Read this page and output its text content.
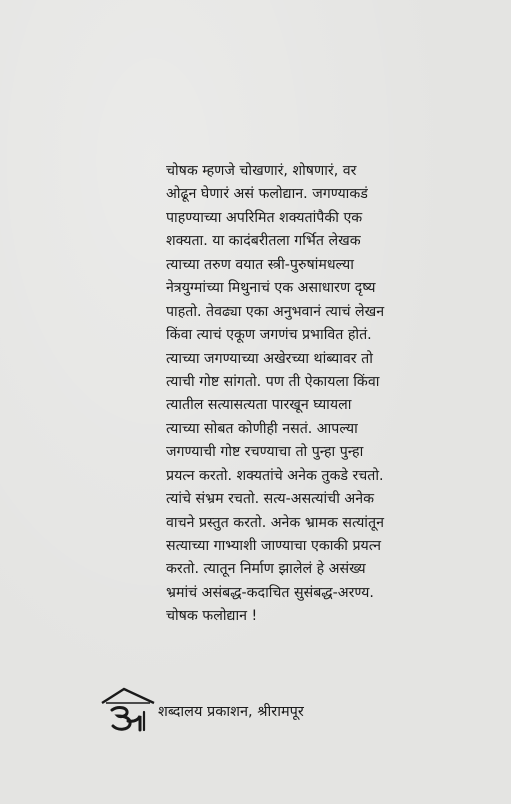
चोषक म्हणजे चोखणारं, शोषणारं, वर
ओढून घेणारं असं फलोद्यान. जगण्याकडं
पाहण्याच्या अपरिमित शक्यतांपैकी एक
शक्यता. या कादंबरीतला गर्भित लेखक
त्याच्या तरुण वयात स्त्री-पुरुषांमधल्या
नेत्रयुग्मांच्या मिथुनाचं एक असाधारण दृष्य
पाहतो. तेवढ्या एका अनुभवानं त्याचं लेखन
किंवा त्याचं एकूण जगणंच प्रभावित होतं.
त्याच्या जगण्याच्या अखेरच्या थांब्यावर तो
त्याची गोष्ट सांगतो. पण ती ऐकायला किंवा
त्यातील सत्यासत्यता पारखून घ्यायला
त्याच्या सोबत कोणीही नसतं. आपल्या
जगण्याची गोष्ट रचण्याचा तो पुन्हा पुन्हा
प्रयत्न करतो. शक्यतांचे अनेक तुकडे रचतो.
त्यांचे संभ्रम रचतो. सत्य-असत्यांची अनेक
वाचने प्रस्तुत करतो. अनेक भ्रामक सत्यांतून
सत्याच्या गाभ्याशी जाण्याचा एकाकी प्रयत्न
करतो. त्यातून निर्माण झालेलं हे असंख्य
भ्रमांचं असंबद्ध-कदाचित सुसंबद्ध-अरण्य.
चोषक फलोद्यान !
शब्दालय प्रकाशन, श्रीरामपूर
